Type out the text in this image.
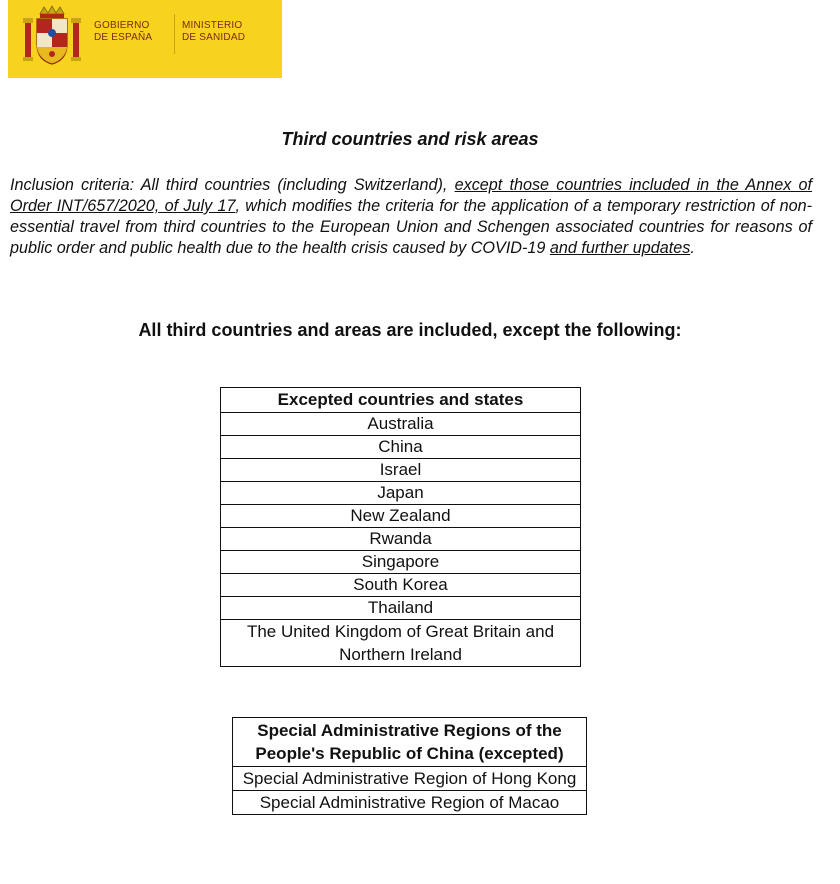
GOBIERNO
DE ESPAÑA
MINISTERIO
DE SANIDAD
Third countries and risk areas

Inclusion criteria: All third countries (including Switzerland), except those countries included in the Annex of Order INT/657/2020, of July 17, which modifies the criteria for the application of a temporary restriction of non-essential travel from third countries to the European Union and Schengen associated countries for reasons of public order and public health due to the health crisis caused by COVID-19 and further updates.

All third countries and areas are included, except the following:
Excepted countries and states
Australia
China
Israel
Japan
New Zealand
Rwanda
Singapore
South Korea
Thailand
The United Kingdom of Great Britain and Northern Ireland
Special Administrative Regions of the People's Republic of China (excepted)
Special Administrative Region of Hong Kong
Special Administrative Region of Macao
